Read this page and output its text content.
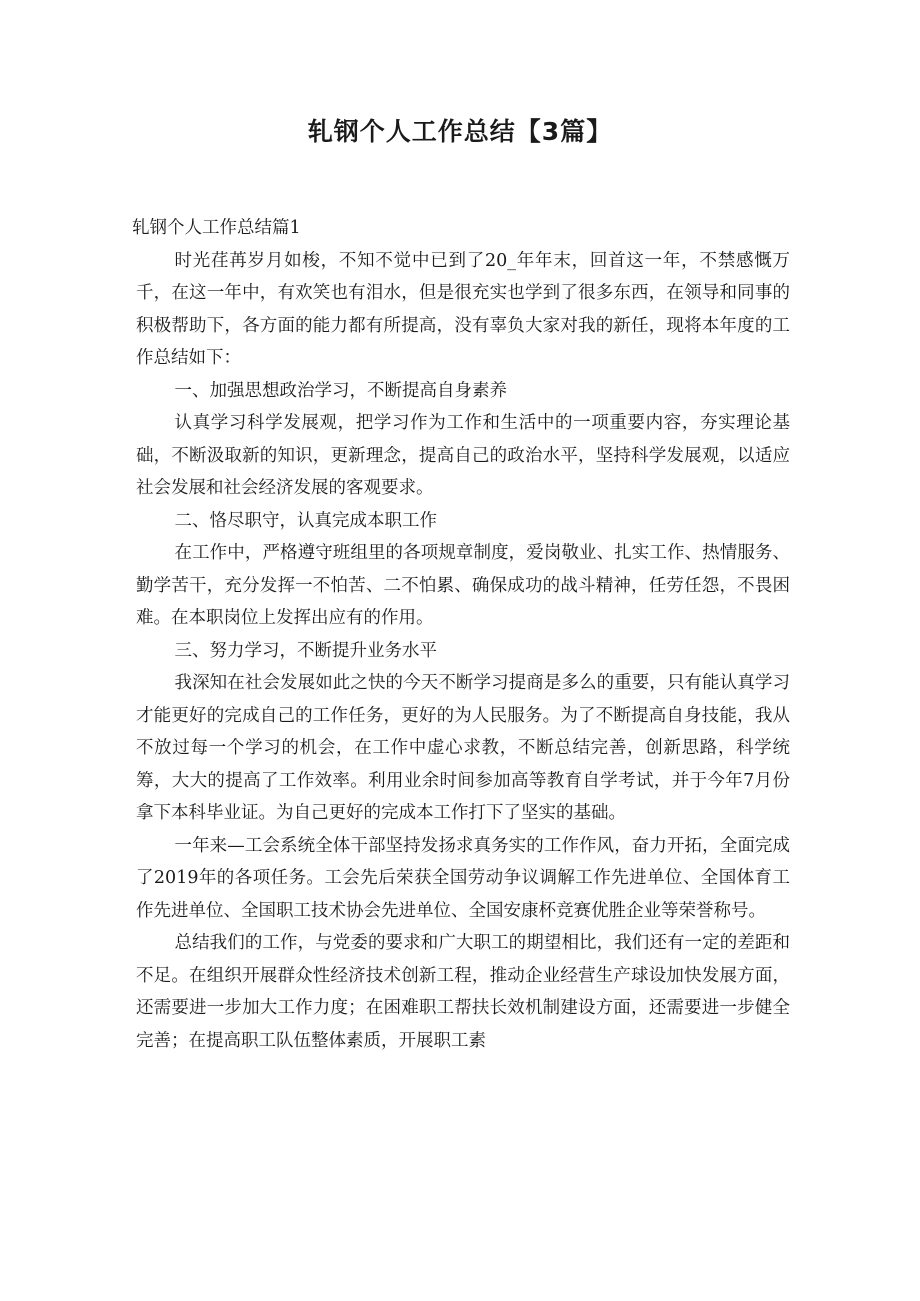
轧钢个人工作总结【3篇】

轧钢个人工作总结篇1

时光荏苒岁月如梭，不知不觉中已到了20_年年末，回首这一年，不禁感慨万千，在这一年中，有欢笑也有泪水，但是很充实也学到了很多东西，在领导和同事的积极帮助下，各方面的能力都有所提高，没有辜负大家对我的新任，现将本年度的工作总结如下：

一、加强思想政治学习，不断提高自身素养

认真学习科学发展观，把学习作为工作和生活中的一项重要内容，夯实理论基础，不断汲取新的知识，更新理念，提高自己的政治水平，坚持科学发展观，以适应社会发展和社会经济发展的客观要求。

二、恪尽职守，认真完成本职工作

在工作中，严格遵守班组里的各项规章制度，爱岗敬业、扎实工作、热情服务、勤学苦干，充分发挥一不怕苦、二不怕累、确保成功的战斗精神，任劳任怨，不畏困难。在本职岗位上发挥出应有的作用。

三、努力学习，不断提升业务水平

我深知在社会发展如此之快的今天不断学习提商是多么的重要，只有能认真学习才能更好的完成自己的工作任务，更好的为人民服务。为了不断提高自身技能，我从不放过每一个学习的机会，在工作中虚心求教，不断总结完善，创新思路，科学统筹，大大的提高了工作效率。利用业余时间参加高等教育自学考试，并于今年7月份拿下本科毕业证。为自己更好的完成本工作打下了坚实的基础。

一年来—工会系统全体干部坚持发扬求真务实的工作作风，奋力开拓，全面完成了2019年的各项任务。工会先后荣获全国劳动争议调解工作先进单位、全国体育工作先进单位、全国职工技术协会先进单位、全国安康杯竞赛优胜企业等荣誉称号。

总结我们的工作，与党委的要求和广大职工的期望相比，我们还有一定的差距和不足。在组织开展群众性经济技术创新工程，推动企业经营生产球设加快发展方面，还需要进一步加大工作力度；在困难职工帮扶长效机制建设方面，还需要进一步健全完善；在提高职工队伍整体素质，开展职工素
